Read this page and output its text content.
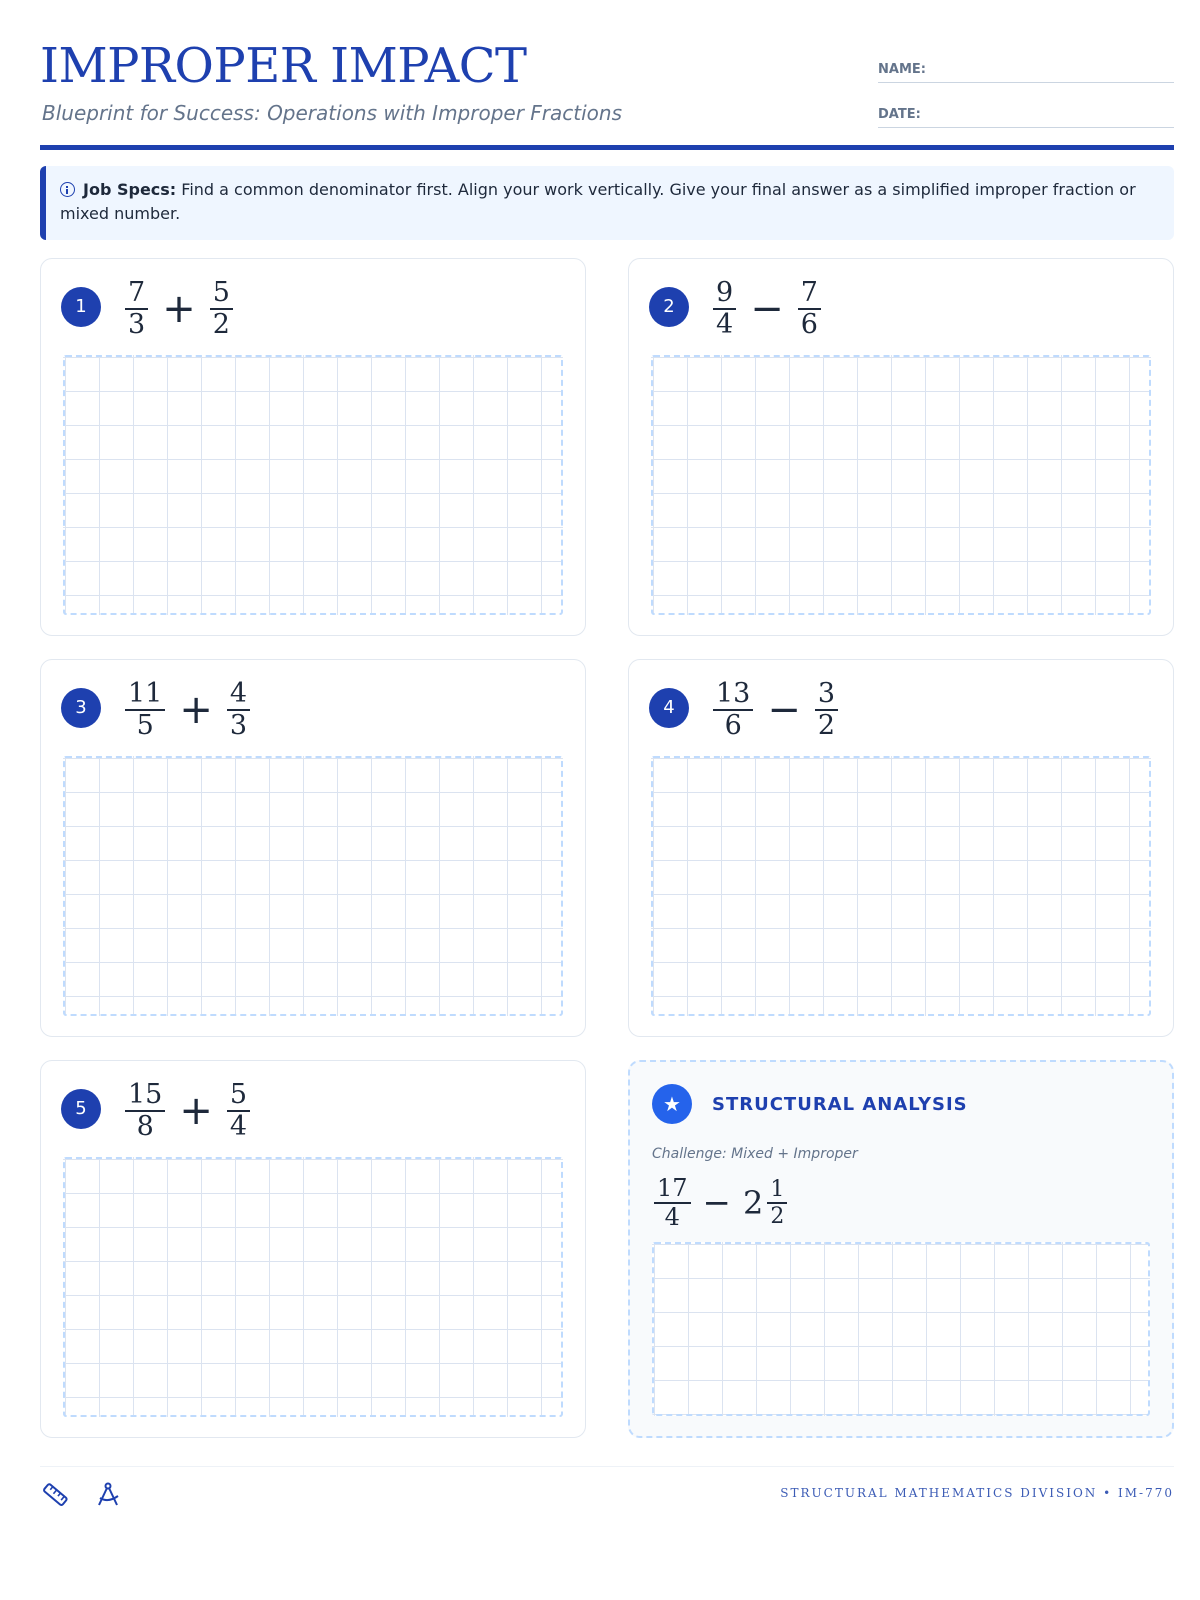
IMPROPER IMPACT
Blueprint for Success: Operations with Improper Fractions
NAME:
DATE:
Job Specs: Find a common denominator first. Align your work vertically. Give your final answer as a simplified improper fraction or mixed number.
1	$\frac{7}{3} + \frac{5}{2}$	2	$\frac{9}{4} - \frac{7}{6}$
3	$\frac{11}{5} + \frac{4}{3}$	4	$\frac{13}{6} - \frac{3}{2}$
5	$\frac{15}{8} + \frac{5}{4}$	★	STRUCTURAL ANALYSIS
Challenge: Mixed + Improper
$\frac{17}{4} - 2 \frac{1}{2}$
STRUCTURAL MATHEMATICS DIVISION • IM-770
